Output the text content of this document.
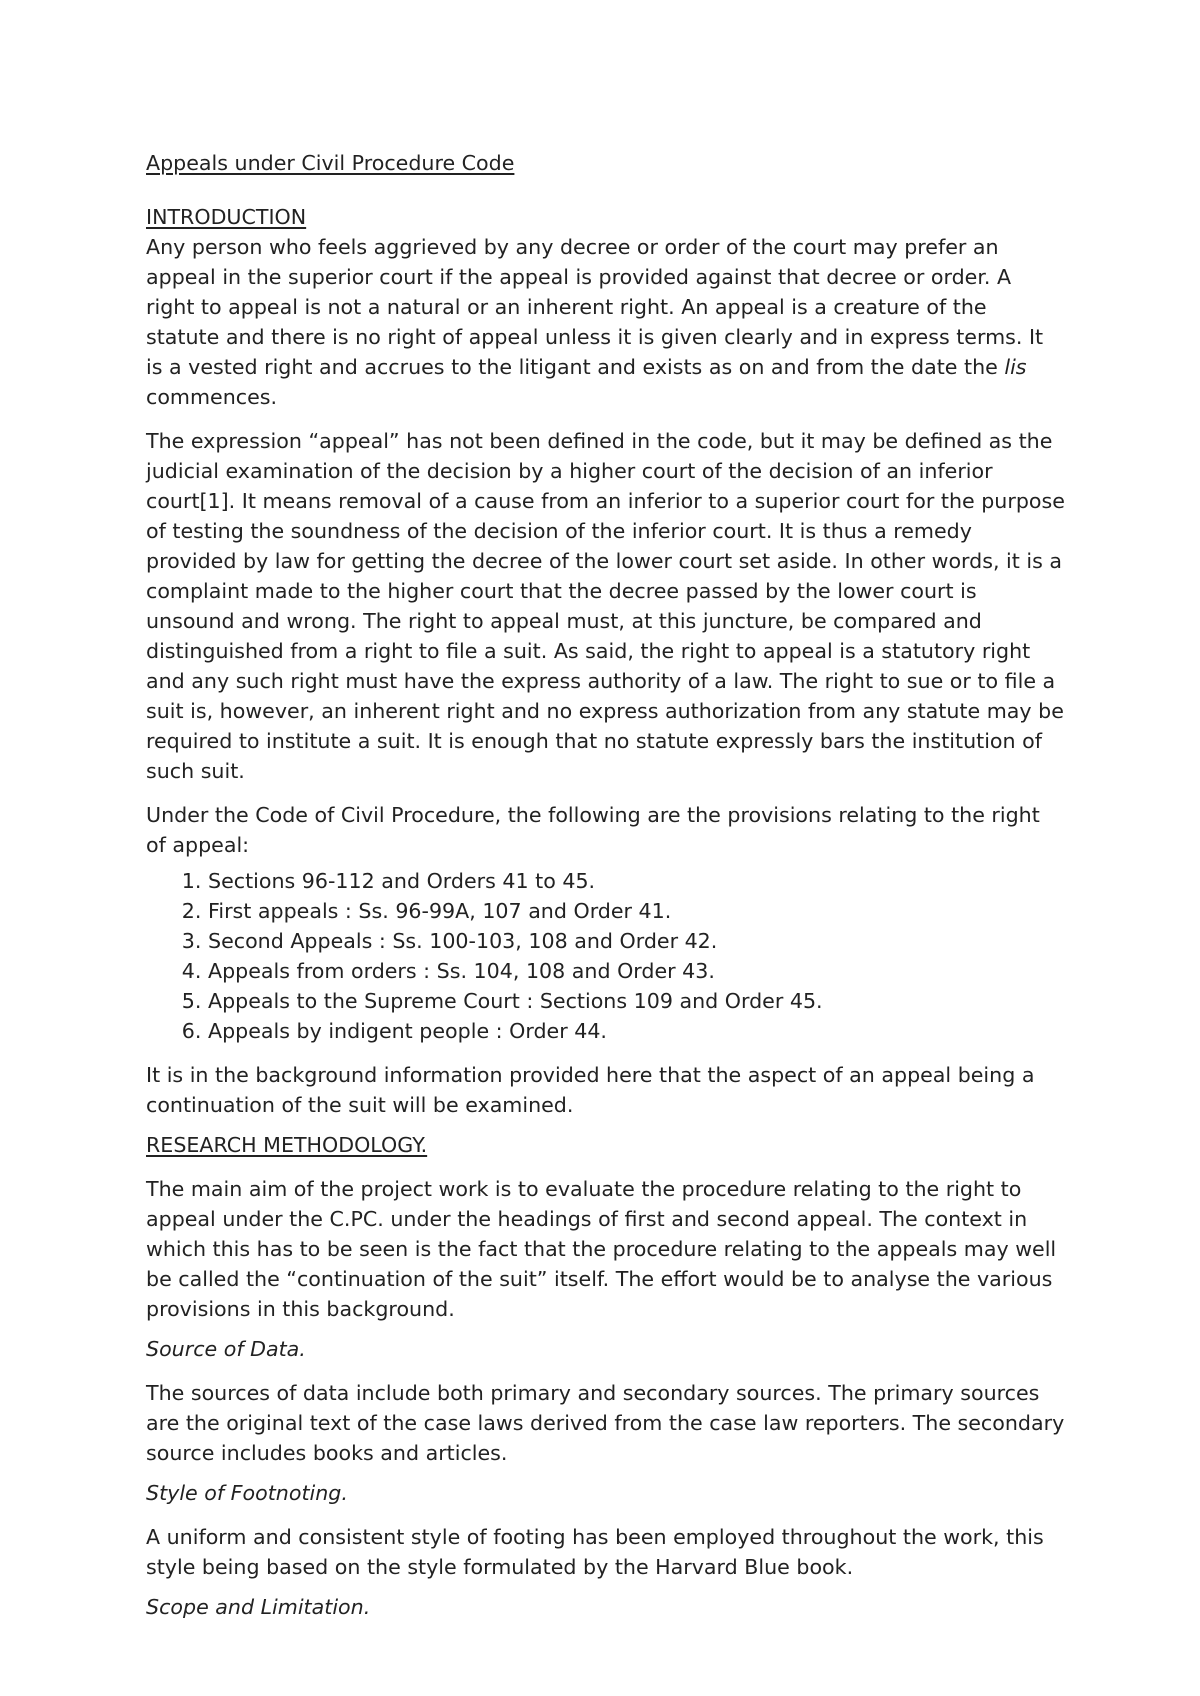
Appeals under Civil Procedure Code

INTRODUCTION

Any person who feels aggrieved by any decree or order of the court may prefer an appeal in the superior court if the appeal is provided against that decree or order. A right to appeal is not a natural or an inherent right. An appeal is a creature of the statute and there is no right of appeal unless it is given clearly and in express terms. It is a vested right and accrues to the litigant and exists as on and from the date the lis commences.

The expression “appeal” has not been defined in the code, but it may be defined as the judicial examination of the decision by a higher court of the decision of an inferior court[1]. It means removal of a cause from an inferior to a superior court for the purpose of testing the soundness of the decision of the inferior court. It is thus a remedy provided by law for getting the decree of the lower court set aside. In other words, it is a complaint made to the higher court that the decree passed by the lower court is unsound and wrong. The right to appeal must, at this juncture, be compared and distinguished from a right to file a suit. As said, the right to appeal is a statutory right and any such right must have the express authority of a law. The right to sue or to file a suit is, however, an inherent right and no express authorization from any statute may be required to institute a suit. It is enough that no statute expressly bars the institution of such suit.

Under the Code of Civil Procedure, the following are the provisions relating to the right of appeal:

1. Sections 96-112 and Orders 41 to 45.
2. First appeals : Ss. 96-99A, 107 and Order 41.
3. Second Appeals : Ss. 100-103, 108 and Order 42.
4. Appeals from orders : Ss. 104, 108 and Order 43.
5. Appeals to the Supreme Court : Sections 109 and Order 45.
6. Appeals by indigent people : Order 44.

It is in the background information provided here that the aspect of an appeal being a continuation of the suit will be examined.

RESEARCH METHODOLOGY.

The main aim of the project work is to evaluate the procedure relating to the right to appeal under the C.PC. under the headings of first and second appeal. The context in which this has to be seen is the fact that the procedure relating to the appeals may well be called the “continuation of the suit” itself. The effort would be to analyse the various provisions in this background.

Source of Data.

The sources of data include both primary and secondary sources. The primary sources are the original text of the case laws derived from the case law reporters. The secondary source includes books and articles.

Style of Footnoting.

A uniform and consistent style of footing has been employed throughout the work, this style being based on the style formulated by the Harvard Blue book.

Scope and Limitation.
